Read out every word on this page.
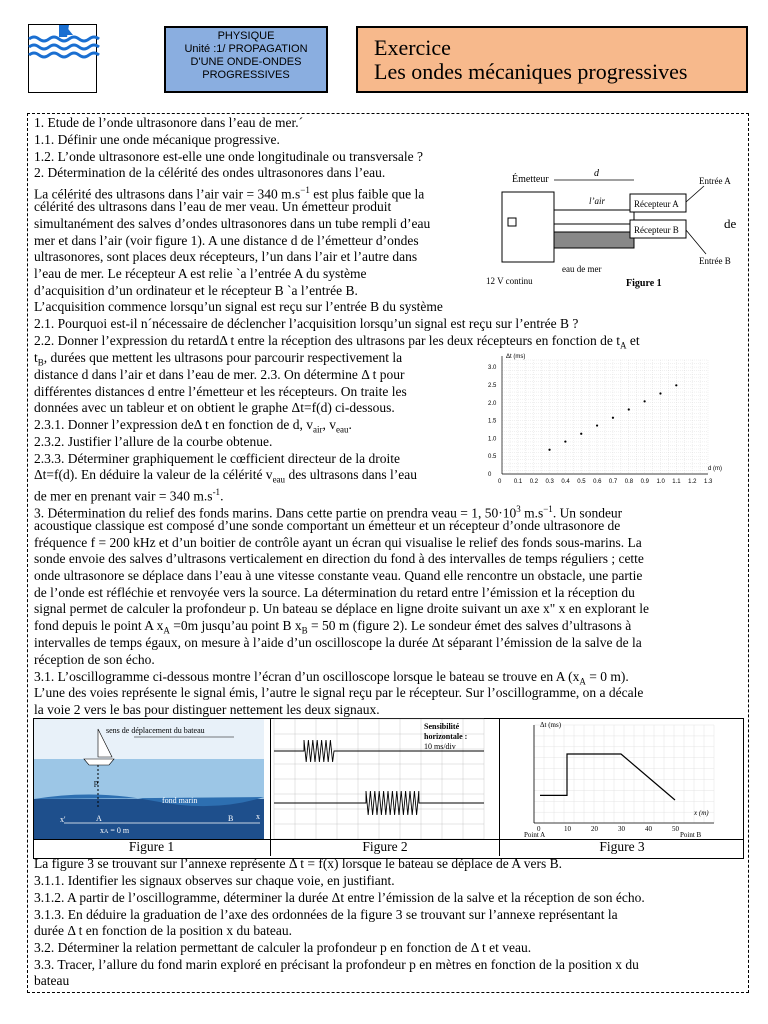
PHYSIQUE
Unité :1/ PROPAGATION
D'UNE ONDE-ONDES
PROGRESSIVES
Exercice
Les ondes mécaniques progressives
1. Etude de l’onde ultrasonore dans l’eau de mer.´
1.1. Définir une onde mécanique progressive.
1.2. L’onde ultrasonore est-elle une onde longitudinale ou transversale ?
2. Détermination de la célérité des ondes ultrasonores dans l’eau.
La célérité des ultrasons dans l’air vair = 340 $m.s^{-1}$ est plus faible que la
célérité des ultrasons dans l’eau de mer veau. Un émetteur produit
simultanément des salves d’ondes ultrasonores dans un tube rempli d’eau
mer et dans l’air (voir figure 1). A une distance d de l’émetteur d’ondes
ultrasonores, sont places deux récepteurs, l’un dans l’air et l’autre dans
l’eau de mer. Le récepteur A est relie `a l’entrée A du système
d’acquisition d’un ordinateur et le récepteur B `a l’entrée B.
L’acquisition commence lorsqu’un signal est reçu sur l’entrée B du système
2.1. Pourquoi est-il n´nécessaire de déclencher l’acquisition lorsqu’un signal est reçu sur l’entrée B ?
2.2. Donner l’expression du retardΔ t entre la réception des ultrasons par les deux récepteurs en fonction de $t_A$ et
$t_B$, durées que mettent les ultrasons pour parcourir respectivement la
distance d dans l’air et dans l’eau de mer. 2.3. On détermine Δ t pour
différentes distances d entre l’émetteur et les récepteurs. On traite les
données avec un tableur et on obtient le graphe Δt=f(d) ci-dessous.
2.3.1. Donner l’expression deΔ t en fonction de d, $v_{air}$, $v_{eau}$.
2.3.2. Justifier l’allure de la courbe obtenue.
2.3.3. Déterminer graphiquement le cœfficient directeur de la droite
Δt=f(d). En déduire la valeur de la célérité $v_{eau}$ des ultrasons dans l’eau
de mer en prenant vair = 340 $m.s^{-1}$.
3. Détermination du relief des fonds marins. Dans cette partie on prendra veau = 1, $50\cdot 10^3$ $m.s^{-1}$. Un sondeur
acoustique classique est composé d’une sonde comportant un émetteur et un récepteur d’onde ultrasonore de
fréquence f = 200 kHz et d’un boitier de contrôle ayant un écran qui visualise le relief des fonds sous-marins. La
sonde envoie des salves d’ultrasons verticalement en direction du fond à des intervalles de temps réguliers ; cette
onde ultrasonore se déplace dans l’eau à une vitesse constante veau. Quand elle rencontre un obstacle, une partie
de l’onde est réfléchie et renvoyée vers la source. La détermination du retard entre l’émission et la réception du
signal permet de calculer la profondeur p. Un bateau se déplace en ligne droite suivant un axe x" x en explorant le
fond depuis le point A $x_A =0m$ jusqu’au point B $x_B = 50$ m (figure 2). Le sondeur émet des salves d’ultrasons à
intervalles de temps égaux, on mesure à l’aide d’un oscilloscope la durée Δt séparant l’émission de la salve de la
réception de son écho.
3.1. L’oscillogramme ci-dessous montre l’écran d’un oscilloscope lorsque le bateau se trouve en A ($x_A = 0$ m).
L’une des voies représente le signal émis, l’autre le signal reçu par le récepteur. Sur l’oscillogramme, on a décale
la voie 2 vers le bas pour distinguer nettement les deux signaux.
La figure 3 se trouvant sur l’annexe représente Δ t = f(x) lorsque le bateau se déplace de A vers B.
3.1.1. Identifier les signaux observes sur chaque voie, en justifiant.
3.1.2. A partir de l’oscillogramme, déterminer la durée Δt entre l’émission de la salve et la réception de son écho.
3.1.3. En déduire la graduation de l’axe des ordonnées de la figure 3 se trouvant sur l’annexe représentant la
durée Δ t en fonction de la position x du bateau.
3.2. Déterminer la relation permettant de calculer la profondeur p en fonction de Δ t et veau.
3.3. Tracer, l’allure du fond marin exploré en précisant la profondeur p en mètres en fonction de la position x du
bateau
Émetteur
d
l’air	Récepteur A
Récepteur B
Entrée A
Entrée B
de
eau de mer
12 V continu	Figure 1
0 0.1 0.2 0.3 0.4 0.5 0.6 0.7 0.8 0.9 1.0 1.1 1.2 1.3
0
0.5
1.0
1.5
2.0
2.5
3.0
Δt (ms)
d (m)
p
sens de déplacement du bateau
fond marin
x'	x
A	B
xA = 0 m
Sensibilité
horizontale :
10 ms/div
Δt (ms)
x (m)
0	10	20	30	40	50
Point A	Point B
Figure 1	Figure 2	Figure 3
